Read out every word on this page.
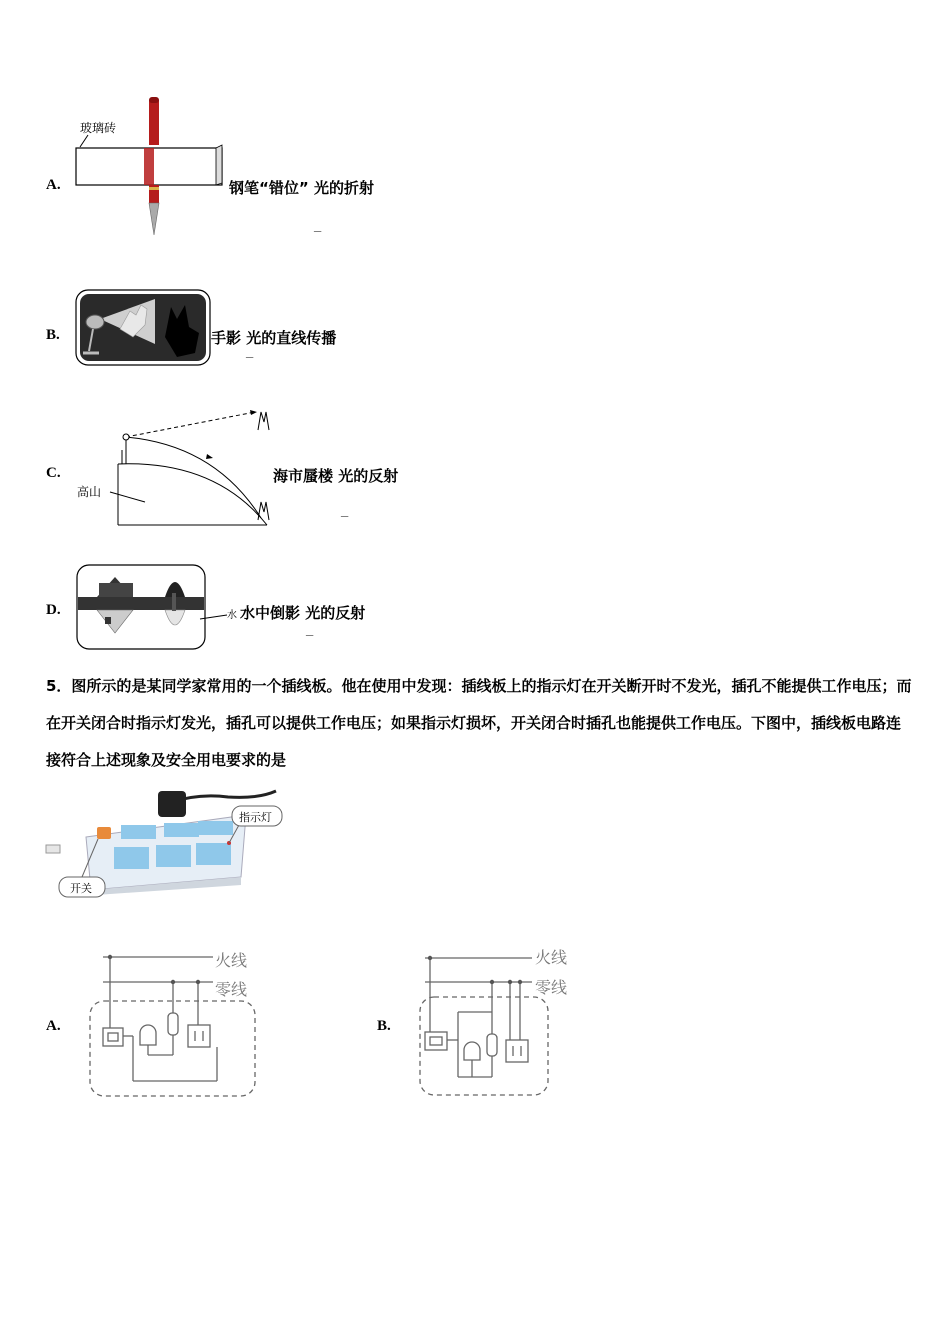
A.
玻璃砖
钢笔“错位” 光的折射
_
B.	手影 光的直线传播
_
C.
高山
海市蜃楼 光的反射
_
D.	水 水中倒影 光的反射
_
5．图所示的是某同学家常用的一个插线板。他在使用中发现：插线板上的指示灯在开关断开时不发光，插孔不能提供工作电压；而在开关闭合时指示灯发光，插孔可以提供工作电压；如果指示灯损坏，开关闭合时插孔也能提供工作电压。下图中，插线板电路连接符合上述现象及安全用电要求的是
开关
指示灯
A.
火线
零线
B.
火线
零线
